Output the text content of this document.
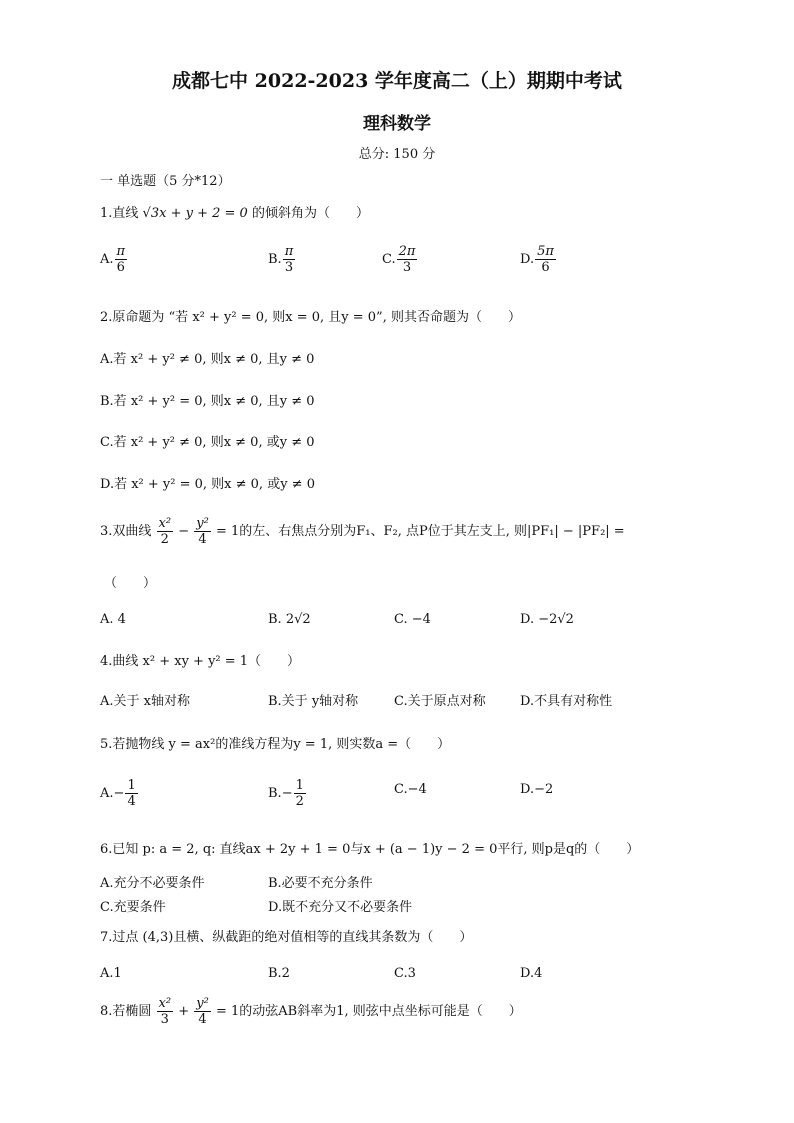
成都七中 2022-2023 学年度高二（上）期期中考试
理科数学
总分: 150 分
一 单选题（5 分*12）
1.直线 √3x + y + 2 = 0 的倾斜角为（　　）
A. $\frac{\pi}{6}$	B. $\frac{\pi}{3}$	C. $\frac{2\pi}{3}$	D. $\frac{5\pi}{6}$
2.原命题为 “若 x² + y² = 0, 则x = 0, 且y = 0”, 则其否命题为（　　）
A.若 x² + y² ≠ 0, 则x ≠ 0, 且y ≠ 0
B.若 x² + y² = 0, 则x ≠ 0, 且y ≠ 0
C.若 x² + y² ≠ 0, 则x ≠ 0, 或y ≠ 0
D.若 x² + y² = 0, 则x ≠ 0, 或y ≠ 0
3.双曲线 $\frac{\text{x²}}{2} - \frac{\text{y²}}{4} = 1$的左、右焦点分别为F₁、F₂, 点P位于其左支上, 则|PF₁| − |PF₂| =
（　　）
A. 4	B. 2√2	C. −4	D. −2√2
4.曲线 x² + xy + y² = 1（　　）
A.关于 x轴对称	B.关于 y轴对称	C.关于原点对称	D.不具有对称性
5.若抛物线 y = ax²的准线方程为y = 1, 则实数a =（　　）
$A.- \frac{1}{4}$	$B.- \frac{1}{2}$	C.−4	D.−2
6.已知 p: a = 2, q: 直线ax + 2y + 1 = 0与x + (a − 1)y − 2 = 0平行, 则p是q的（　　）
A.充分不必要条件	B.必要不充分条件
C.充要条件	D.既不充分又不必要条件
7.过点 (4,3)且横、纵截距的绝对值相等的直线其条数为（　　）
A.1	B.2	C.3	D.4
8.若椭圆 $\frac{\text{x²}}{3} + \frac{\text{y²}}{4} = 1$的动弦AB斜率为1, 则弦中点坐标可能是（　　）
